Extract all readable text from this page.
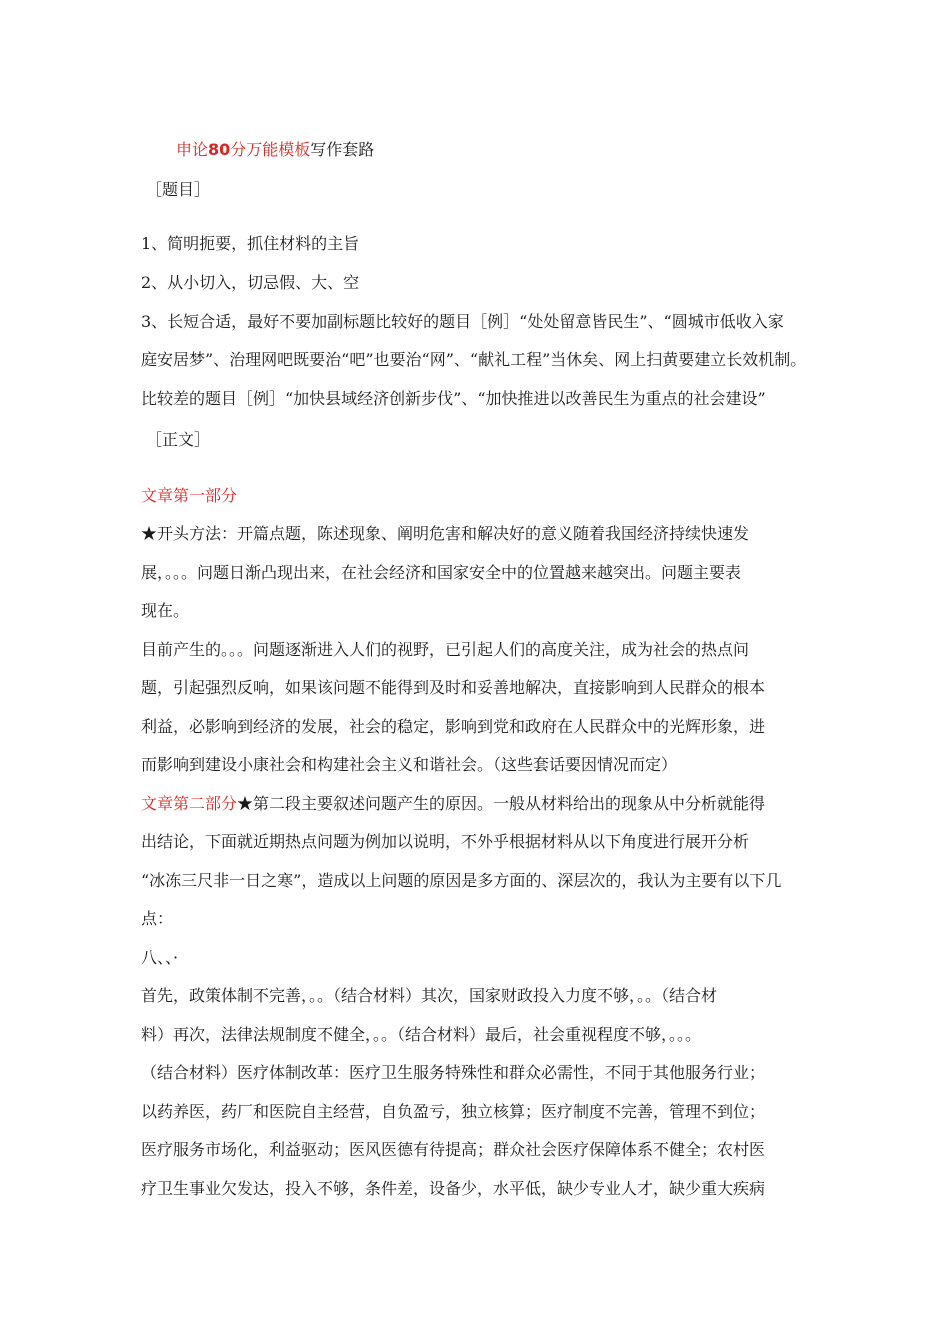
申论80分万能模板写作套路
［题目］
1、简明扼要，抓住材料的主旨
2、从小切入，切忌假、大、空
3、长短合适，最好不要加副标题比较好的题目［例］“处处留意皆民生”、“圆城市低收入家
庭安居梦”、治理网吧既要治“吧”也要治“网”、“献礼工程”当休矣、网上扫黄要建立长效机制。
比较差的题目［例］“加快县域经济创新步伐”、“加快推进以改善民生为重点的社会建设”
［正文］
文章第一部分
★开头方法：开篇点题，陈述现象、阐明危害和解决好的意义随着我国经济持续快速发
展，。。。问题日渐凸现出来，在社会经济和国家安全中的位置越来越突出。问题主要表
现在。
目前产生的。。。问题逐渐进入人们的视野，已引起人们的高度关注，成为社会的热点问
题，引起强烈反响，如果该问题不能得到及时和妥善地解决，直接影响到人民群众的根本
利益，必影响到经济的发展，社会的稳定，影响到党和政府在人民群众中的光辉形象，进
而影响到建设小康社会和构建社会主义和谐社会。（这些套话要因情况而定）
文章第二部分★第二段主要叙述问题产生的原因。一般从材料给出的现象从中分析就能得
出结论，下面就近期热点问题为例加以说明，不外乎根据材料从以下角度进行展开分析
“冰冻三尺非一日之寒”，造成以上问题的原因是多方面的、深层次的，我认为主要有以下几
点：
八、、·
首先，政策体制不完善，。。（结合材料）其次，国家财政投入力度不够，。。（结合材
料）再次，法律法规制度不健全，。。（结合材料）最后，社会重视程度不够，。。。
（结合材料）医疗体制改革：医疗卫生服务特殊性和群众必需性，不同于其他服务行业；
以药养医，药厂和医院自主经营，自负盈亏，独立核算；医疗制度不完善，管理不到位；
医疗服务市场化，利益驱动；医风医德有待提高；群众社会医疗保障体系不健全；农村医
疗卫生事业欠发达，投入不够，条件差，设备少，水平低，缺少专业人才，缺少重大疾病
